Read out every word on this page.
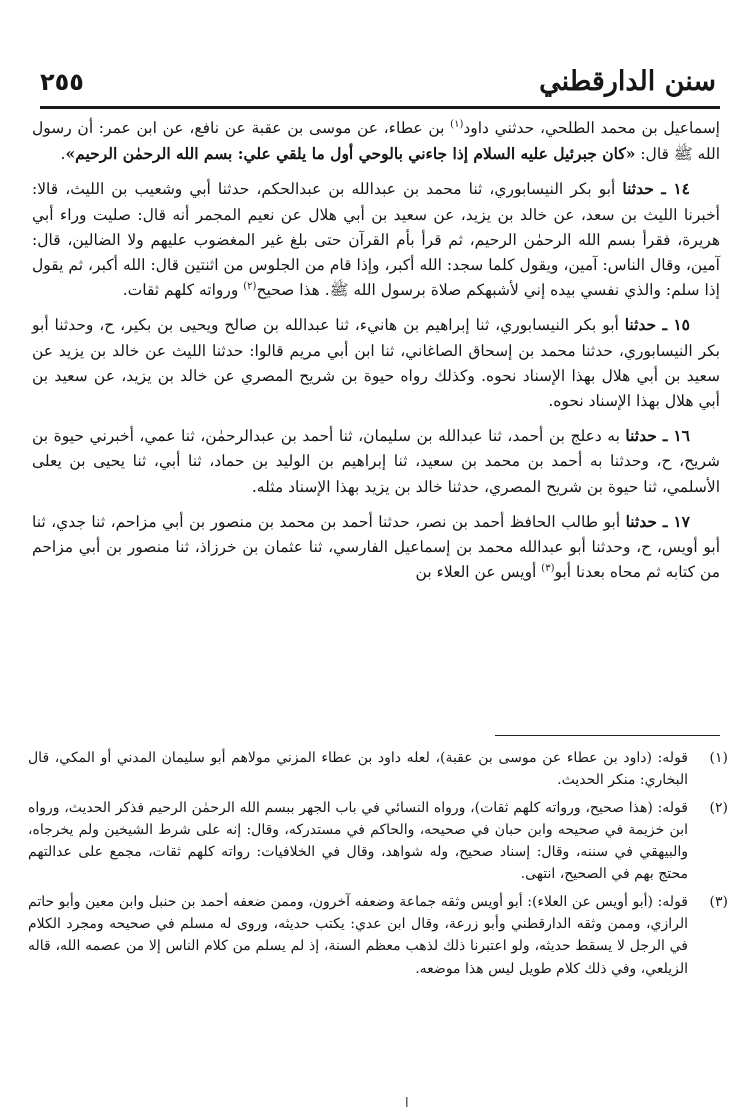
سنن الدارقطني
٢٥٥

إسماعيل بن محمد الطلحي، حدثني داود$^{(١)}$ بن عطاء، عن موسى بن عقبة عن نافع، عن ابن عمر: أن رسول الله ﷺ قال: «كان جبرئيل عليه السلام إذا جاءني بالوحي أول ما يلقي علي: بسم الله الرحمٰن الرحيم».

١٤ ـ حدثنا أبو بكر النيسابوري، ثنا محمد بن عبدالله بن عبدالحكم، حدثنا أبي وشعيب بن الليث، قالا: أخبرنا الليث بن سعد، عن خالد بن يزيد، عن سعيد بن أبي هلال عن نعيم المجمر أنه قال: صليت وراء أبي هريرة، فقرأ بسم الله الرحمٰن الرحيم، ثم قرأ بأم القرآن حتى بلغ غير المغضوب عليهم ولا الضالين، قال: آمين، وقال الناس: آمين، ويقول كلما سجد: الله أكبر، وإذا قام من الجلوس من اثنتين قال: الله أكبر، ثم يقول إذا سلم: والذي نفسي بيده إني لأشبهكم صلاة برسول الله ﷺ. هذا صحيح$^{(٢)}$ ورواته كلهم ثقات.

١٥ ـ حدثنا أبو بكر النيسابوري، ثنا إبراهيم بن هانيء، ثنا عبدالله بن صالح ويحيى بن بكير، ح، وحدثنا أبو بكر النيسابوري، حدثنا محمد بن إسحاق الصاغاني، ثنا ابن أبي مريم قالوا: حدثنا الليث عن خالد بن يزيد عن سعيد بن أبي هلال بهذا الإسناد نحوه. وكذلك رواه حيوة بن شريح المصري عن خالد بن يزيد، عن سعيد بن أبي هلال بهذا الإسناد نحوه.

١٦ ـ حدثنا به دعلج بن أحمد، ثنا عبدالله بن سليمان، ثنا أحمد بن عبدالرحمٰن، ثنا عمي، أخبرني حيوة بن شريح، ح، وحدثنا به أحمد بن محمد بن سعيد، ثنا إبراهيم بن الوليد بن حماد، ثنا أبي، ثنا يحيى بن يعلى الأسلمي، ثنا حيوة بن شريح المصري، حدثنا خالد بن يزيد بهذا الإسناد مثله.

١٧ ـ حدثنا أبو طالب الحافظ أحمد بن نصر، حدثنا أحمد بن محمد بن منصور بن أبي مزاحم، ثنا جدي، ثنا أبو أويس، ح، وحدثنا أبو عبدالله محمد بن إسماعيل الفارسي، ثنا عثمان بن خرزاذ، ثنا منصور بن أبي مزاحم من كتابه ثم محاه بعدنا أبو$^{(٣)}$ أويس عن العلاء بن

(١)
قوله: (داود بن عطاء عن موسى بن عقبة)، لعله داود بن عطاء المزني مولاهم أبو سليمان المدني أو المكي، قال البخاري: منكر الحديث.
(٢)
قوله: (هذا صحيح، ورواته كلهم ثقات)، ورواه النسائي في باب الجهر ببسم الله الرحمٰن الرحيم فذكر الحديث، ورواه ابن خزيمة في صحيحه وابن حبان في صحيحه، والحاكم في مستدركه، وقال: إنه على شرط الشيخين ولم يخرجاه، والبيهقي في سننه، وقال: إسناد صحيح، وله شواهد، وقال في الخلافيات: رواته كلهم ثقات، مجمع على عدالتهم محتج بهم في الصحيح، انتهى.
(٣)
قوله: (أبو أويس عن العلاء): أبو أويس وثقه جماعة وضعفه آخرون، وممن ضعفه أحمد بن حنبل وابن معين وأبو حاتم الرازي، وممن وثقه الدارقطني وأبو زرعة، وقال ابن عدي: يكتب حديثه، وروى له مسلم في صحيحه ومجرد الكلام في الرجل لا يسقط حديثه، ولو اعتبرنا ذلك لذهب معظم السنة، إذ لم يسلم من كلام الناس إلا من عصمه الله، قاله الزيلعي، وفي ذلك كلام طويل ليس هذا موضعه.
ا
